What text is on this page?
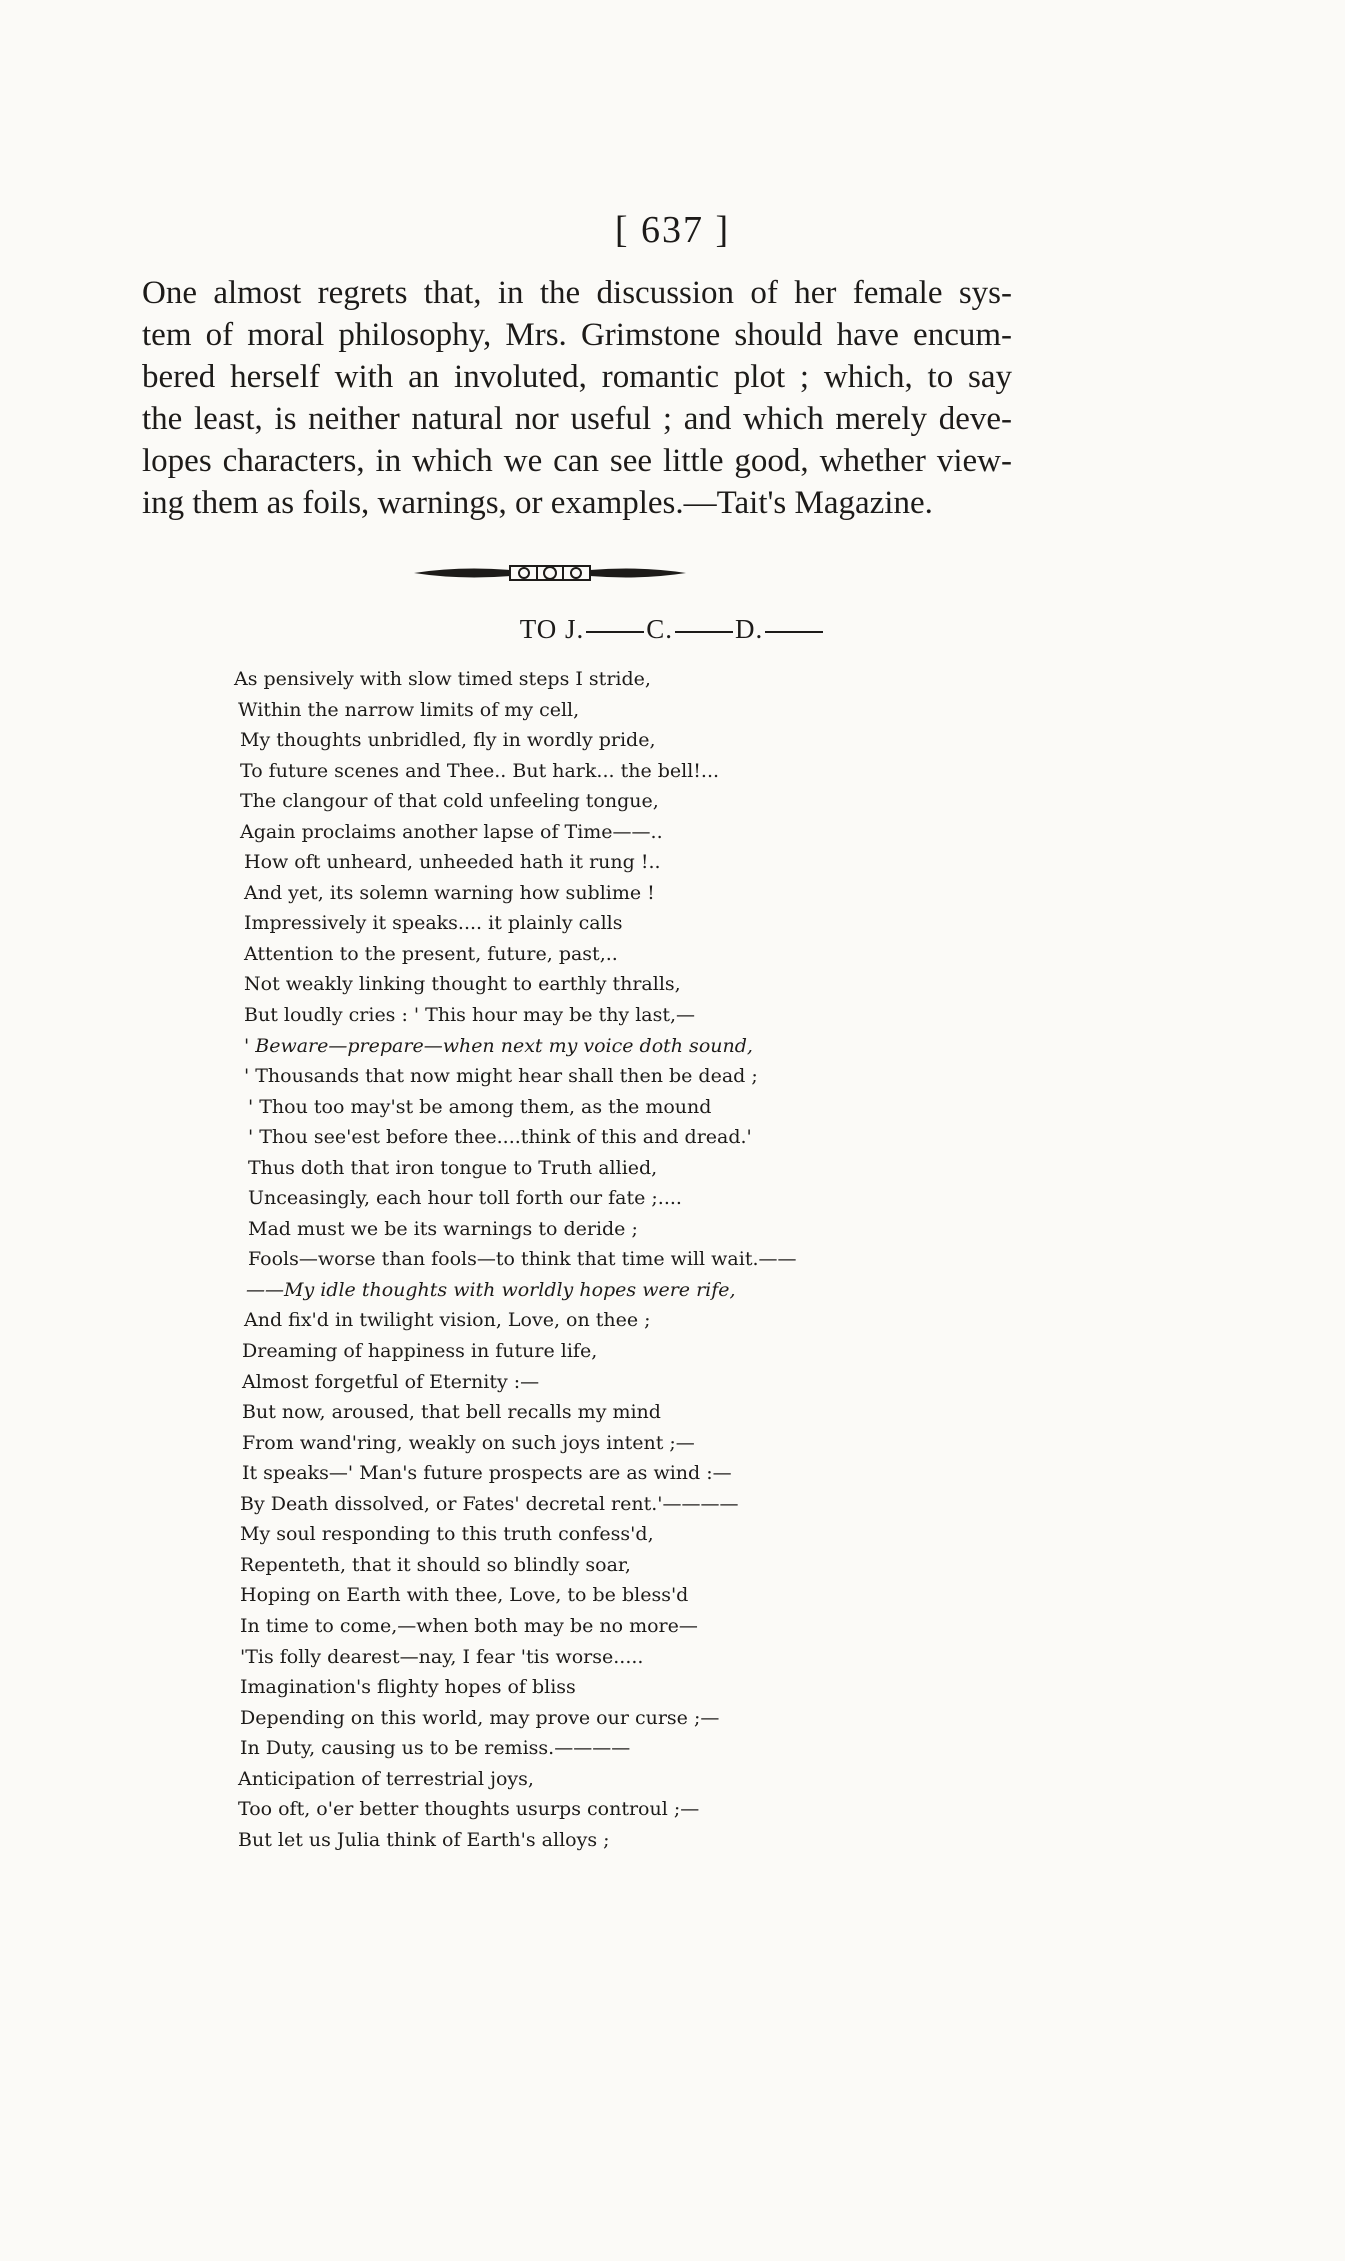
[ 637 ]
One almost regrets that, in the discussion of her female sys-
tem of moral philosophy, Mrs. Grimstone should have encum-
bered herself with an involuted, romantic plot ; which, to say
the least, is neither natural nor useful ; and which merely deve-
lopes characters, in which we can see little good, whether view-
ing them as foils, warnings, or examples.—Tait's Magazine.
TO J. C. D.
As pensively with slow timed steps I stride,
Within the narrow limits of my cell,
My thoughts unbridled, fly in wordly pride,
To future scenes and Thee.. But hark... the bell!...
The clangour of that cold unfeeling tongue,
Again proclaims another lapse of Time——..
How oft unheard, unheeded hath it rung !..
And yet, its solemn warning how sublime !
Impressively it speaks.... it plainly calls
Attention to the present, future, past,..
Not weakly linking thought to earthly thralls,
But loudly cries : ' This hour may be thy last,—
' Beware—prepare—when next my voice doth sound,
' Thousands that now might hear shall then be dead ;
' Thou too may'st be among them, as the mound
' Thou see'est before thee....think of this and dread.'
Thus doth that iron tongue to Truth allied,
Unceasingly, each hour toll forth our fate ;....
Mad must we be its warnings to deride ;
Fools—worse than fools—to think that time will wait.——
——My idle thoughts with worldly hopes were rife,
And fix'd in twilight vision, Love, on thee ;
Dreaming of happiness in future life,
Almost forgetful of Eternity :—
But now, aroused, that bell recalls my mind
From wand'ring, weakly on such joys intent ;—
It speaks—' Man's future prospects are as wind :—
By Death dissolved, or Fates' decretal rent.'————
My soul responding to this truth confess'd,
Repenteth, that it should so blindly soar,
Hoping on Earth with thee, Love, to be bless'd
In time to come,—when both may be no more—
'Tis folly dearest—nay, I fear 'tis worse.....
Imagination's flighty hopes of bliss
Depending on this world, may prove our curse ;—
In Duty, causing us to be remiss.————
Anticipation of terrestrial joys,
Too oft, o'er better thoughts usurps controul ;—
But let us Julia think of Earth's alloys ;
